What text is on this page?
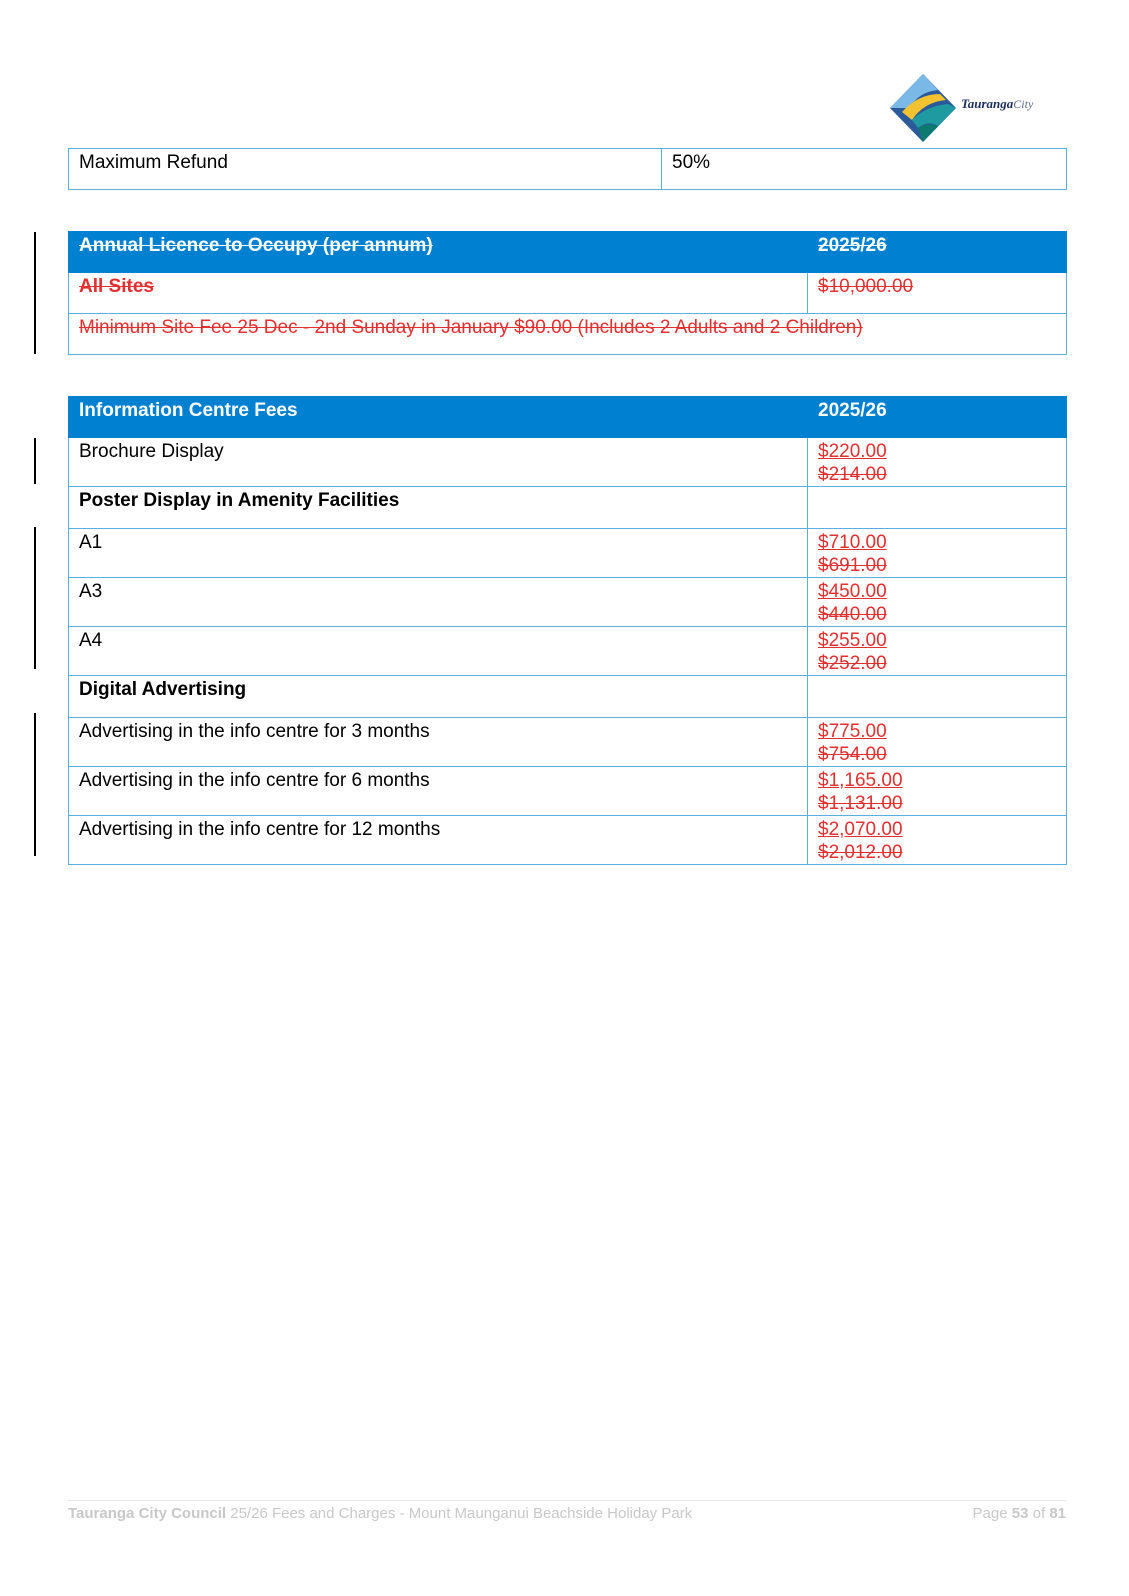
TaurangaCity
Maximum Refund	50%
Annual Licence to Occupy (per annum)	2025/26
All Sites	$10,000.00
Minimum Site Fee 25 Dec - 2nd Sunday in January $90.00 (Includes 2 Adults and 2 Children)	
Information Centre Fees	2025/26
Brochure Display	$220.00
$214.00

Poster Display in Amenity Facilities	
A1	$710.00
$691.00

A3	$450.00
$440.00

A4	$255.00
$252.00

Digital Advertising	
Advertising in the info centre for 3 months	$775.00
$754.00

Advertising in the info centre for 6 months	$1,165.00
$1,131.00

Advertising in the info centre for 12 months	$2,070.00
$2,012.00
Tauranga City Council 25/26 Fees and Charges - Mount Maunganui Beachside Holiday Park	Page 53 of 81
